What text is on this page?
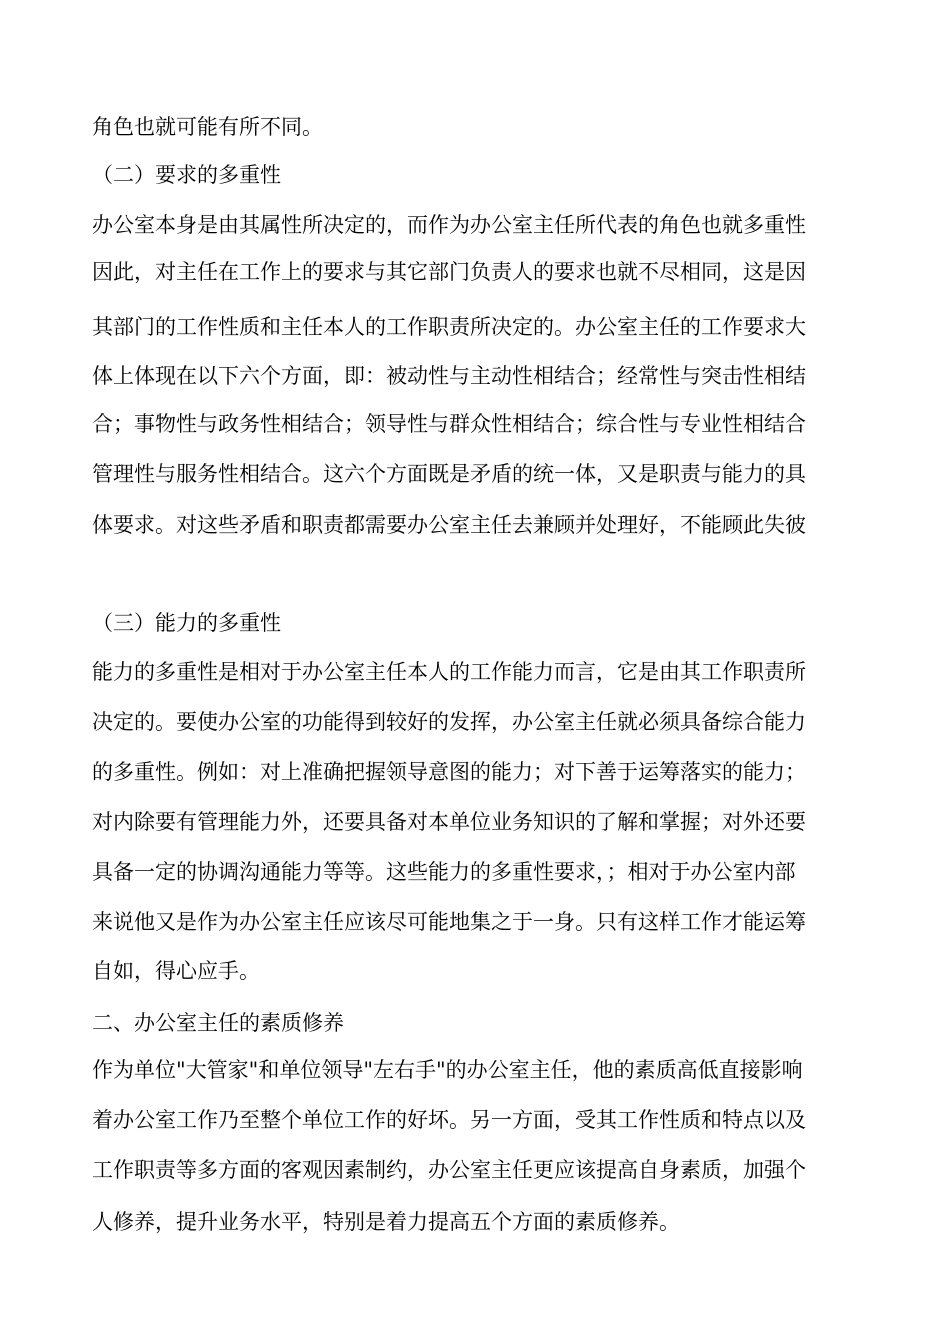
角色也就可能有所不同。
（二）要求的多重性
办公室本身是由其属性所决定的，而作为办公室主任所代表的角色也就多重性
因此，对主任在工作上的要求与其它部门负责人的要求也就不尽相同，这是因
其部门的工作性质和主任本人的工作职责所决定的。办公室主任的工作要求大
体上体现在以下六个方面，即：被动性与主动性相结合；经常性与突击性相结
合；事物性与政务性相结合；领导性与群众性相结合；综合性与专业性相结合
管理性与服务性相结合。这六个方面既是矛盾的统一体，又是职责与能力的具
体要求。对这些矛盾和职责都需要办公室主任去兼顾并处理好，不能顾此失彼
（三）能力的多重性
能力的多重性是相对于办公室主任本人的工作能力而言，它是由其工作职责所
决定的。要使办公室的功能得到较好的发挥，办公室主任就必须具备综合能力
的多重性。例如：对上准确把握领导意图的能力；对下善于运筹落实的能力；
对内除要有管理能力外，还要具备对本单位业务知识的了解和掌握；对外还要
具备一定的协调沟通能力等等。这些能力的多重性要求，；相对于办公室内部
来说他又是作为办公室主任应该尽可能地集之于一身。只有这样工作才能运筹
自如，得心应手。
二、办公室主任的素质修养
作为单位"大管家"和单位领导"左右手"的办公室主任，他的素质高低直接影响
着办公室工作乃至整个单位工作的好坏。另一方面，受其工作性质和特点以及
工作职责等多方面的客观因素制约，办公室主任更应该提高自身素质，加强个
人修养，提升业务水平，特别是着力提高五个方面的素质修养。
